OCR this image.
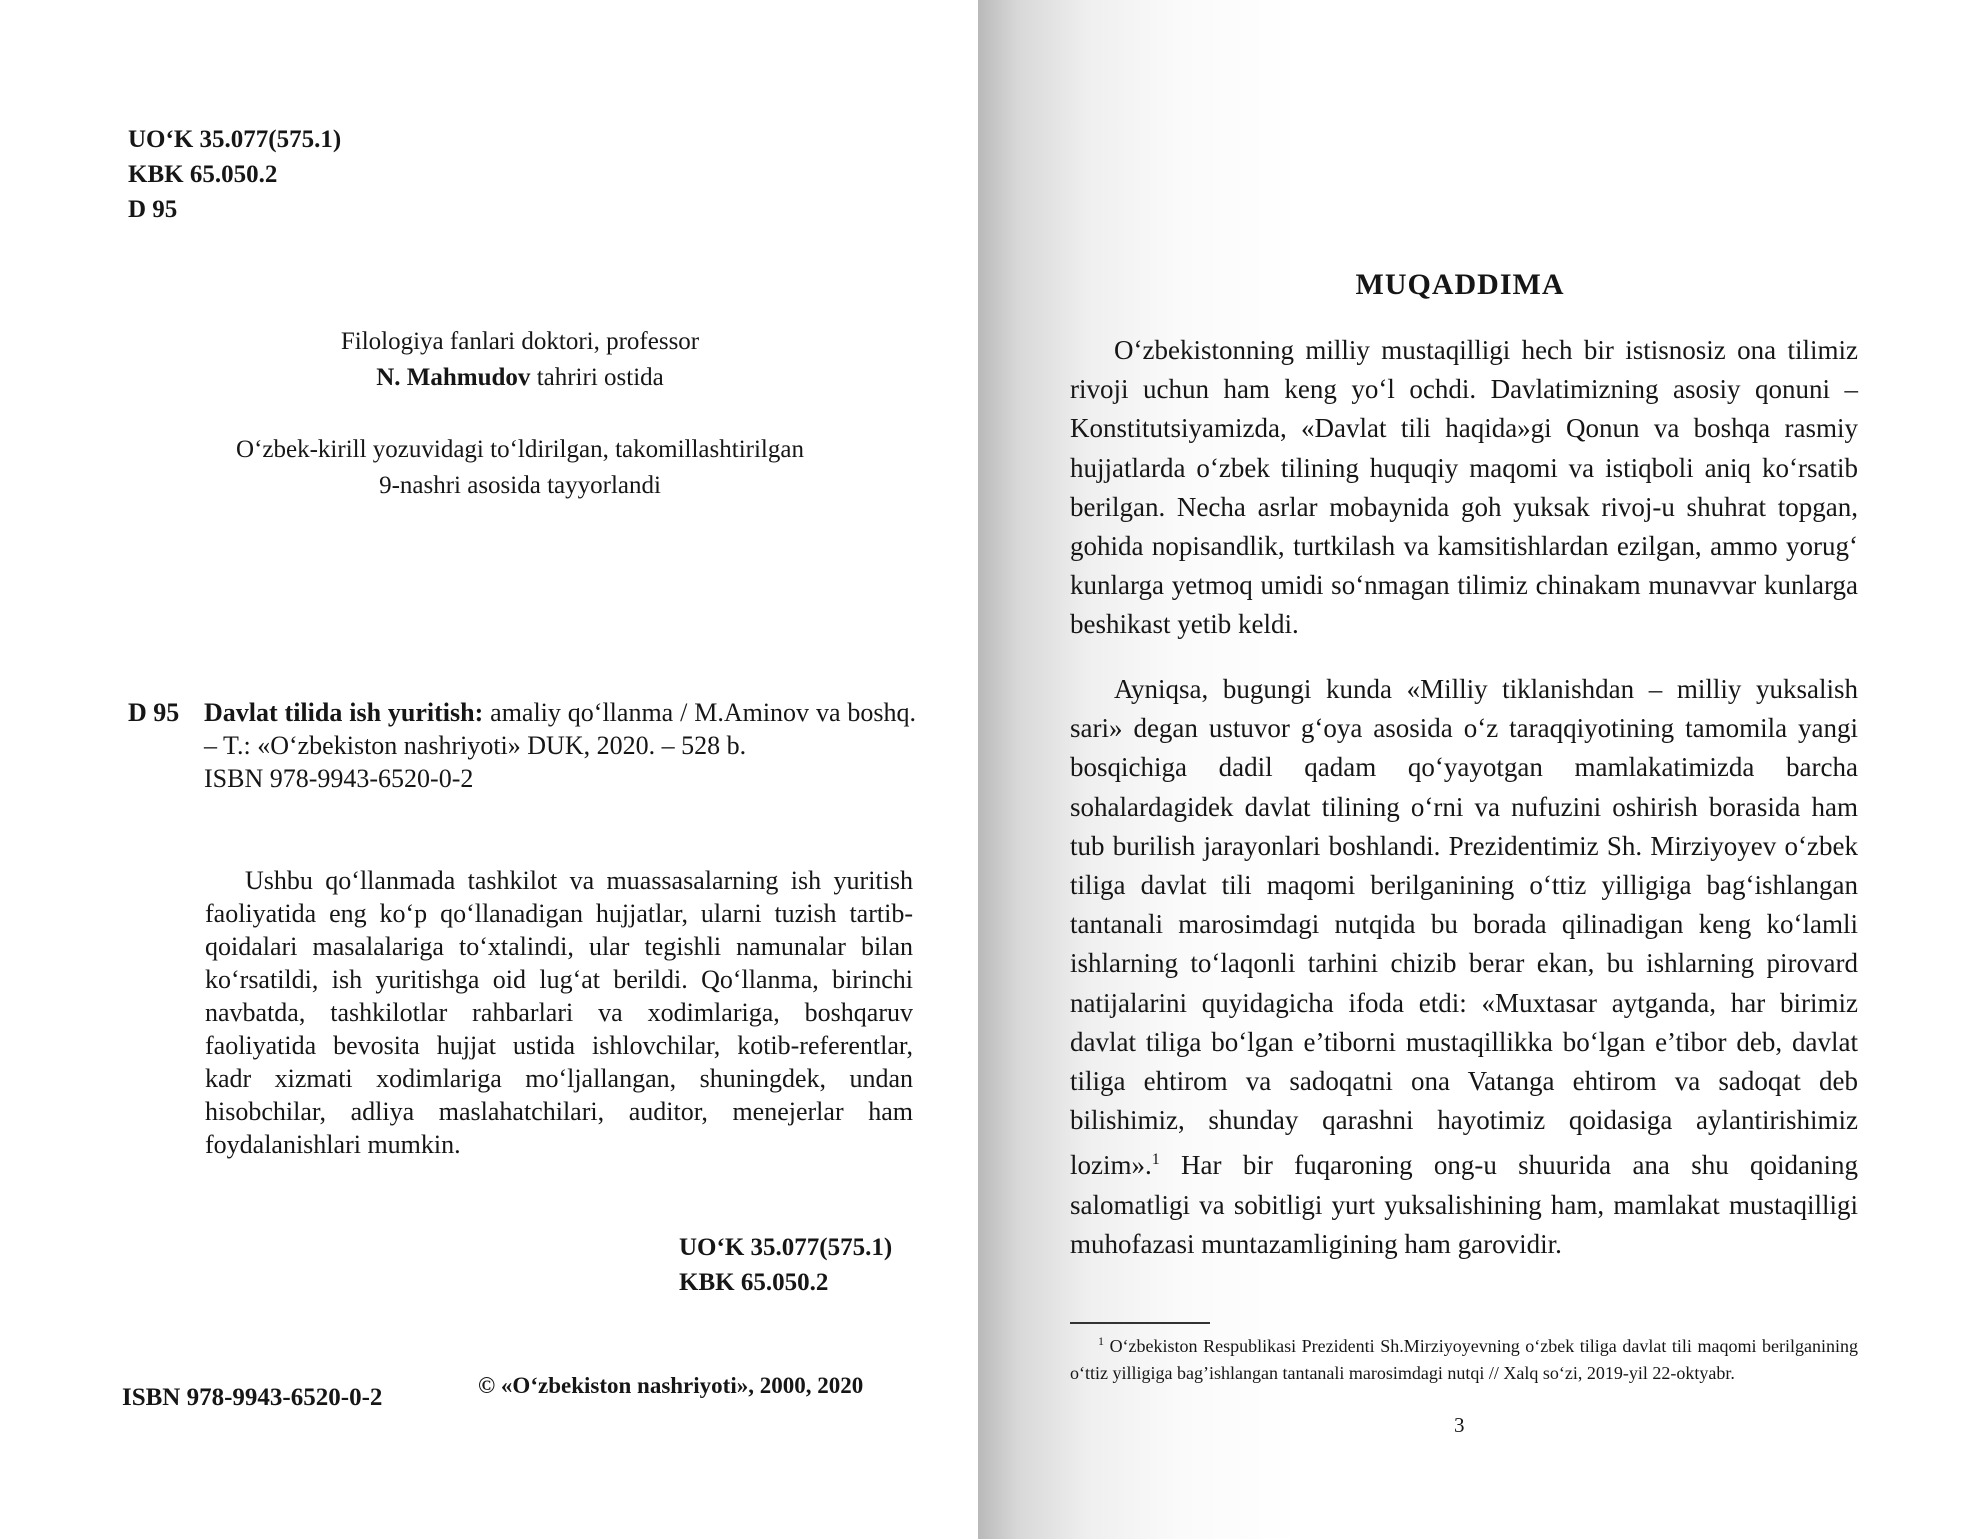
UO‘K 35.077(575.1)
KBK 65.050.2
D 95
Filologiya fanlari doktori, professor
N. Mahmudov tahriri ostida
O‘zbek-kirill yozuvidagi to‘ldirilgan, takomillashtirilgan
9-nashri asosida tayyorlandi
D 95 Davlat tilida ish yuritish: amaliy qo‘llanma / M.Aminov va boshq. – T.: «O‘zbekiston nashriyoti» DUK, 2020. – 528 b.
ISBN 978-9943-6520-0-2
Ushbu qo‘llanmada tashkilot va muassasalarning ish yuritish faoliyatida eng ko‘p qo‘llanadigan hujjatlar, ularni tuzish tartib-qoidalari masalalariga to‘xtalindi, ular tegishli namunalar bilan ko‘rsatildi, ish yuritishga oid lug‘at berildi. Qo‘llanma, birinchi navbatda, tashkilotlar rahbarlari va xodimlariga, boshqaruv faoliyatida bevosita hujjat ustida ishlovchilar, kotib-referentlar, kadr xizmati xodimlariga mo‘ljallangan, shuningdek, undan hisobchilar, adliya maslahatchilari, auditor, menejerlar ham foydalanishlari mumkin.
UO‘K 35.077(575.1)
KBK 65.050.2
ISBN 978-9943-6520-0-2	© «O‘zbekiston nashriyoti», 2000, 2020
MUQADDIMA
O‘zbekistonning milliy mustaqilligi hech bir istisnosiz ona tilimiz rivoji uchun ham keng yo‘l ochdi. Davlatimizning asosiy qonuni – Konstitutsiyamizda, «Davlat tili haqida»gi Qonun va boshqa rasmiy hujjatlarda o‘zbek tilining huquqiy maqomi va istiqboli aniq ko‘rsatib berilgan. Necha asrlar mobaynida goh yuksak rivoj-u shuhrat topgan, gohida nopisandlik, turtkilash va kamsitishlardan ezilgan, ammo yorug‘ kunlarga yetmoq umidi so‘nmagan tilimiz chinakam munavvar kunlarga beshikast yetib keldi.
Ayniqsa, bugungi kunda «Milliy tiklanishdan – milliy yuksalish sari» degan ustuvor g‘oya asosida o‘z taraqqiyotining tamomila yangi bosqichiga dadil qadam qo‘yayotgan mamlakatimizda barcha sohalardagidek davlat tilining o‘rni va nufuzini oshirish borasida ham tub burilish jarayonlari boshlandi. Prezidentimiz Sh. Mirziyoyev o‘zbek tiliga davlat tili maqomi berilganining o‘ttiz yilligiga bag‘ishlangan tantanali marosimdagi nutqida bu borada qilinadigan keng ko‘lamli ishlarning to‘laqonli tarhini chizib berar ekan, bu ishlarning pirovard natijalarini quyidagicha ifoda etdi: «Muxtasar aytganda, har birimiz davlat tiliga bo‘lgan e’tiborni mustaqillikka bo‘lgan e’tibor deb, davlat tiliga ehtirom va sadoqatni ona Vatanga ehtirom va sadoqat deb bilishimiz, shunday qarashni hayotimiz qoidasiga aylantirishimiz lozim».$^1$ Har bir fuqaroning ong-u shuurida ana shu qoidaning salomatligi va sobitligi yurt yuksalishining ham, mamlakat mustaqilligi muhofazasi muntazamligining ham garovidir.
$^1$ O‘zbekiston Respublikasi Prezidenti Sh.Mirziyoyevning o‘zbek tiliga davlat tili maqomi berilganining o‘ttiz yilligiga bag’ishlangan tantanali marosimdagi nutqi // Xalq so‘zi, 2019-yil 22-oktyabr.
3
